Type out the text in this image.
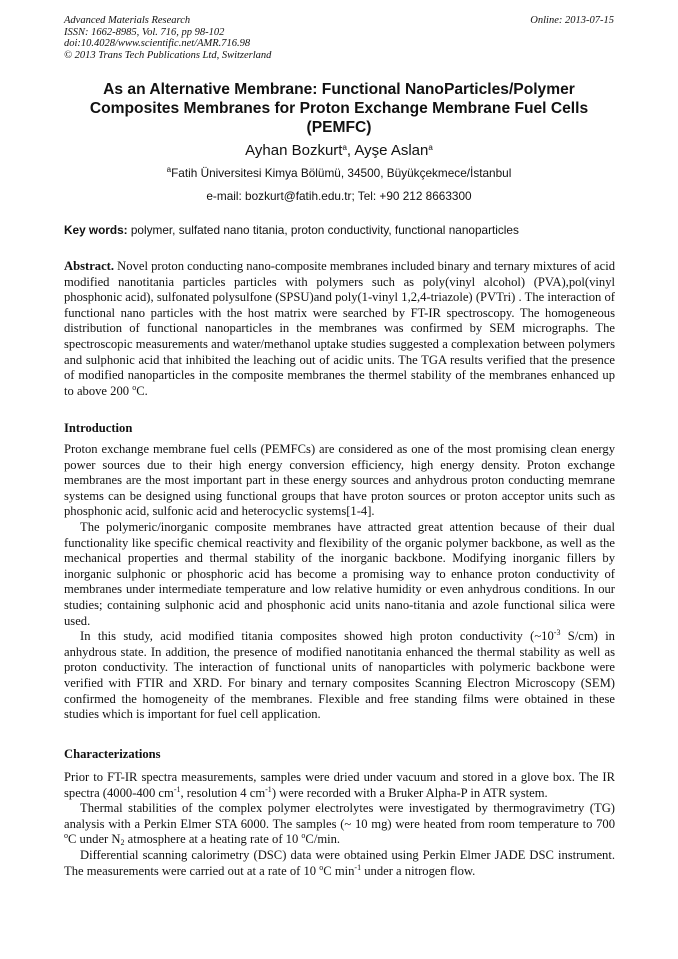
Advanced Materials Research
ISSN: 1662-8985, Vol. 716, pp 98-102
doi:10.4028/www.scientific.net/AMR.716.98
© 2013 Trans Tech Publications Ltd, Switzerland
Online: 2013-07-15
As an Alternative Membrane: Functional NanoParticles/Polymer Composites Membranes for Proton Exchange Membrane Fuel Cells (PEMFC)
Ayhan Bozkurt$^a$, Ayşe Aslan$^a$
$^a$Fatih Üniversitesi Kimya Bölümü, 34500, Büyükçekmece/İstanbul
e-mail: bozkurt@fatih.edu.tr; Tel: +90 212 8663300
Key words: polymer, sulfated nano titania, proton conductivity, functional nanoparticles

Abstract. Novel proton conducting nano-composite membranes included binary and ternary mixtures of acid modified nanotitania particles particles with polymers such as poly(vinyl alcohol) (PVA),pol(vinyl phosphonic acid), sulfonated polysulfone (SPSU)and poly(1-vinyl 1,2,4-triazole) (PVTri) . The interaction of functional nano particles with the host matrix were searched by FT-IR spectroscopy. The homogeneous distribution of functional nanoparticles in the membranes was confirmed by SEM micrographs. The spectroscopic measurements and water/methanol uptake studies suggested a complexation between polymers and sulphonic acid that inhibited the leaching out of acidic units. The TGA results verified that the presence of modified nanoparticles in the composite membranes the thermel stability of the membranes enhanced up to above 200 $^o$C.

Introduction

Proton exchange membrane fuel cells (PEMFCs) are considered as one of the most promising clean energy power sources due to their high energy conversion efficiency, high energy density. Proton exchange membranes are the most important part in these energy sources and anhydrous proton conducting memrane systems can be designed using functional groups that have proton sources or proton acceptor units such as phosphonic acid, sulfonic acid and heterocyclic systems[1-4].

The polymeric/inorganic composite membranes have attracted great attention because of their dual functionality like specific chemical reactivity and flexibility of the organic polymer backbone, as well as the mechanical properties and thermal stability of the inorganic backbone. Modifying inorganic fillers by inorganic sulphonic or phosphoric acid has become a promising way to enhance proton conductivity of membranes under intermediate temperature and low relative humidity or even anhydrous conditions. In our studies; containing sulphonic acid and phosphonic acid units nano-titania and azole functional silica were used.

In this study, acid modified titania composites showed high proton conductivity ($\sim 10^{-3}$ S/cm) in anhydrous state. In addition, the presence of modified nanotitania enhanced the thermal stability as well as proton conductivity. The interaction of functional units of nanoparticles with polymeric backbone were verified with FTIR and XRD. For binary and ternary composites Scanning Electron Microscopy (SEM) confirmed the homogeneity of the membranes. Flexible and free standing films were obtained in these studies which is important for fuel cell application.

Characterizations

Prior to FT-IR spectra measurements, samples were dried under vacuum and stored in a glove box. The IR spectra (4000-400 $cm^{-1}$, resolution 4 $cm^{-1}$) were recorded with a Bruker Alpha-P in ATR system.

Thermal stabilities of the complex polymer electrolytes were investigated by thermogravimetry (TG) analysis with a Perkin Elmer STA 6000. The samples (~ 10 mg) were heated from room temperature to 700 $^o$C under $N_2$ atmosphere at a heating rate of 10 $^o$C/min.

Differential scanning calorimetry (DSC) data were obtained using Perkin Elmer JADE DSC instrument. The measurements were carried out at a rate of 10 $^o$C $\min^{-1}$ under a nitrogen flow.
